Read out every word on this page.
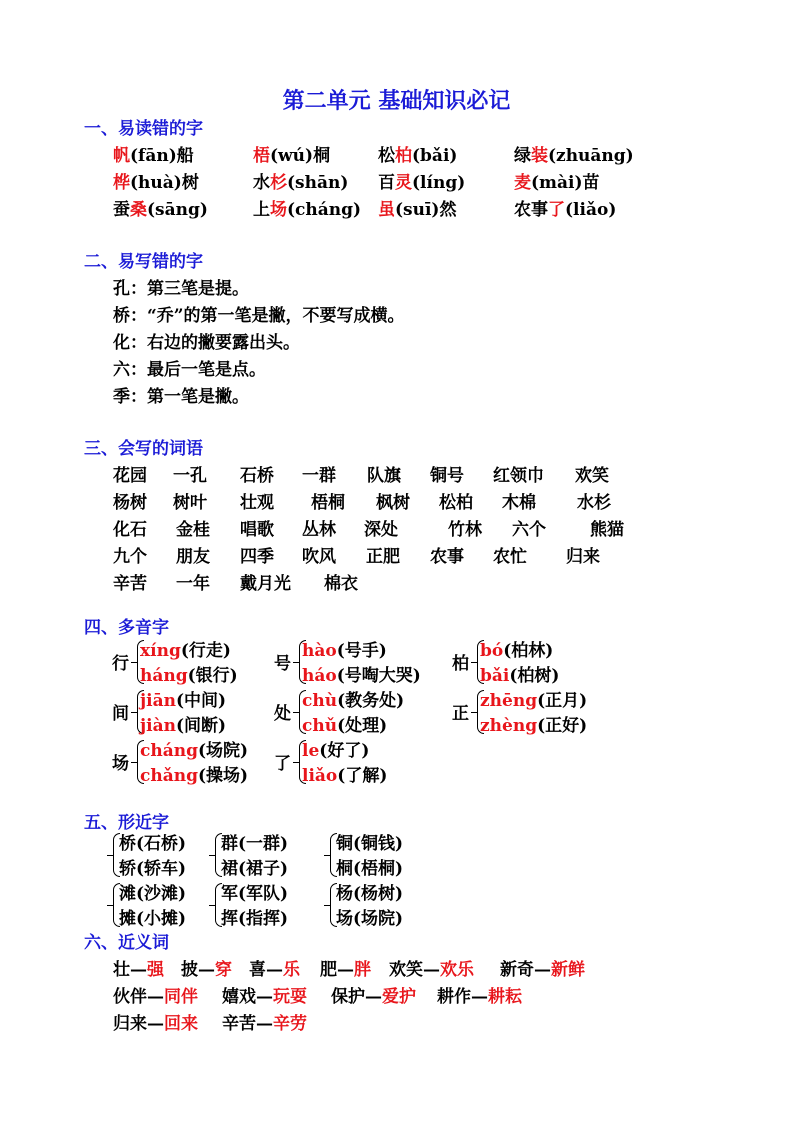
第二单元 基础知识必记
一、易读错的字
帆(fān)船	梧(wú)桐	松柏(bǎi)	绿装(zhuāng)
桦(huà)树	水杉(shān) 百灵(líng)	麦(mài)苗
蚕桑(sāng)	上场(cháng) 虽(suī)然	农事了(liǎo)
二、易写错的字
孔：第三笔是提。
桥：“乔”的第一笔是撇，不要写成横。
化：右边的撇要露出头。
六：最后一笔是点。
季：第一笔是撇。
三、会写的词语
花园 一孔 石桥 一群 队旗 铜号 红领巾 欢笑
杨树 树叶 壮观 梧桐 枫树 松柏 木棉 水杉
化石 金桂 唱歌 丛林 深处	竹林 六个	熊猫
九个 朋友 四季 吹风 正肥 农事 农忙 归来
辛苦 一年 戴月光 棉衣
四、多音字
行
xíng(行走)
háng(银行)
号
hào(号手)
háo(号啕大哭)
柏
bó(柏林)
bǎi(柏树)
间
jiān(中间)
jiàn(间断)
处
chù(教务处)
chǔ(处理)
正
zhēng(正月)
zhèng(正好)
场
cháng(场院)
chǎng(操场)
了
le(好了)
liǎo(了解)
五、形近字
桥(石桥)
轿(轿车)
群(一群)
裙(裙子)
铜(铜钱)
桐(梧桐)
滩(沙滩)
摊(小摊)
军(军队)
挥(指挥)
杨(杨树)
场(场院)
六、近义词
壮—强 披—穿 喜—乐 肥—胖 欢笑—欢乐 新奇—新鲜
伙伴—同伴 嬉戏—玩耍 保护—爱护 耕作—耕耘
归来—回来 辛苦—辛劳
